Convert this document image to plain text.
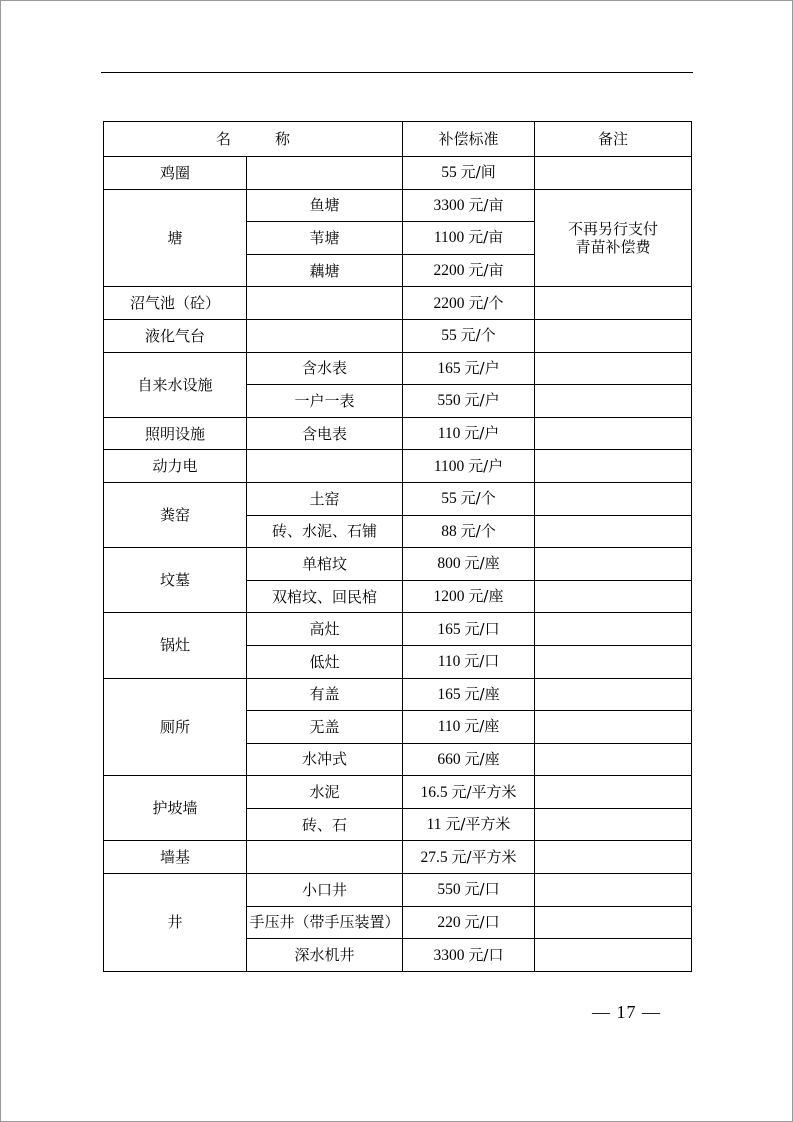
名 称		补偿标准	备注
鸡圈		55 元/间	
塘	鱼塘	3300 元/亩	不再另行支付
青苗补偿费

	苇塘	1100 元/亩	
	藕塘	2200 元/亩	
沼气池（砼）		2200 元/个	
液化气台		55 元/个	
自来水设施	含水表	165 元/户	
	一户一表	550 元/户	
照明设施	含电表	110 元/户	
动力电		1100 元/户	
粪窑	土窑	55 元/个	
	砖、水泥、石铺	88 元/个	
坟墓	单棺坟	800 元/座	
	双棺坟、回民棺	1200 元/座	
锅灶	高灶	165 元/口	
	低灶	110 元/口	
厕所	有盖	165 元/座	
	无盖	110 元/座	
	水冲式	660 元/座	
护坡墙	水泥	16.5 元/平方米	
	砖、石	11 元/平方米	
墙基		27.5 元/平方米	
井	小口井	550 元/口	
	手压井（带手压装置）	220 元/口	
	深水机井	3300 元/口	
— 17 —
